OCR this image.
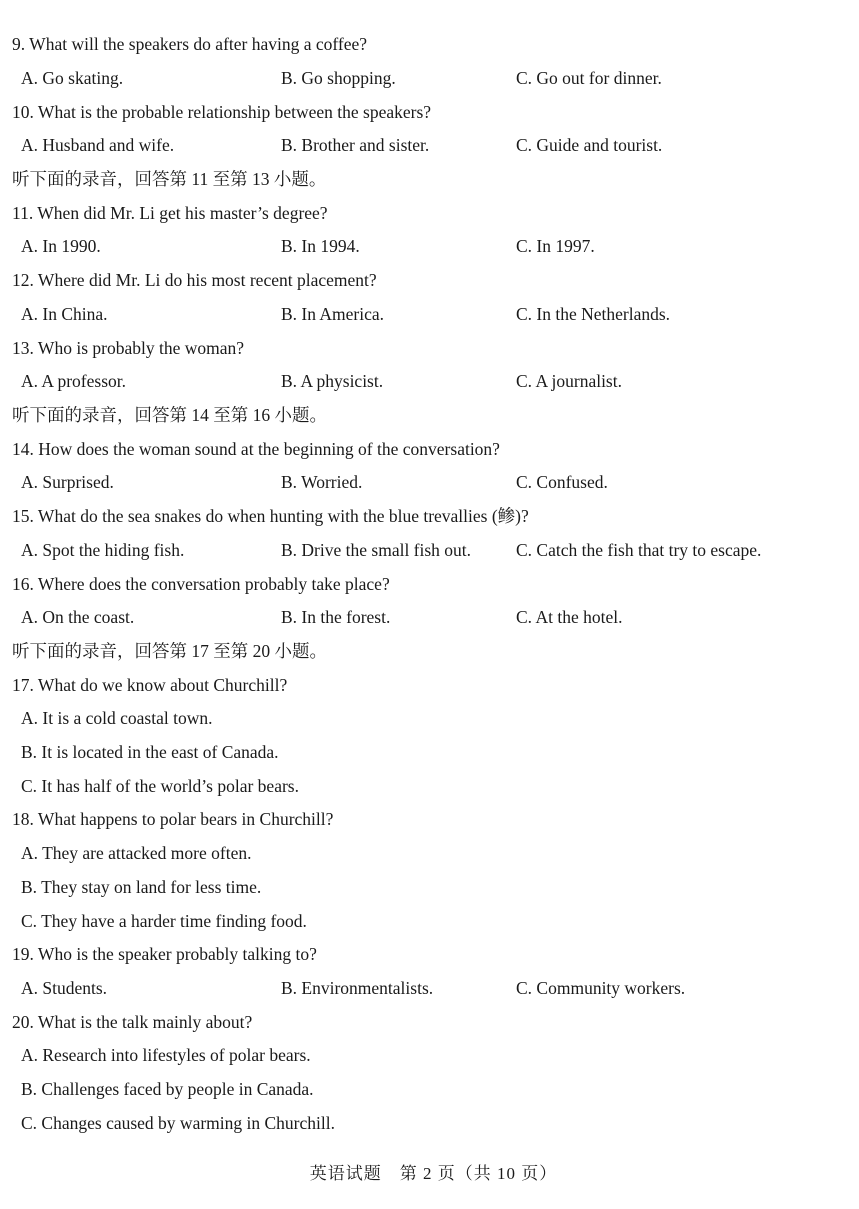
9. What will the speakers do after having a coffee?
A. Go skating.	B. Go shopping.	C. Go out for dinner.
10. What is the probable relationship between the speakers?
A. Husband and wife.	B. Brother and sister.	C. Guide and tourist.
听下面的录音，回答第 11 至第 13 小题。
11. When did Mr. Li get his master’s degree?
A. In 1990.	B. In 1994.	C. In 1997.
12. Where did Mr. Li do his most recent placement?
A. In China.	B. In America.	C. In the Netherlands.
13. Who is probably the woman?
A. A professor.	B. A physicist.	C. A journalist.
听下面的录音，回答第 14 至第 16 小题。
14. How does the woman sound at the beginning of the conversation?
A. Surprised.	B. Worried.	C. Confused.
15. What do the sea snakes do when hunting with the blue trevallies (鲹)?
A. Spot the hiding fish.	B. Drive the small fish out.	C. Catch the fish that try to escape.
16. Where does the conversation probably take place?
A. On the coast.	B. In the forest.	C. At the hotel.
听下面的录音，回答第 17 至第 20 小题。
17. What do we know about Churchill?
A. It is a cold coastal town.
B. It is located in the east of Canada.
C. It has half of the world’s polar bears.
18. What happens to polar bears in Churchill?
A. They are attacked more often.
B. They stay on land for less time.
C. They have a harder time finding food.
19. Who is the speaker probably talking to?
A. Students.	B. Environmentalists.	C. Community workers.
20. What is the talk mainly about?
A. Research into lifestyles of polar bears.
B. Challenges faced by people in Canada.
C. Changes caused by warming in Churchill.
英语试题　第 2 页（共 10 页）
